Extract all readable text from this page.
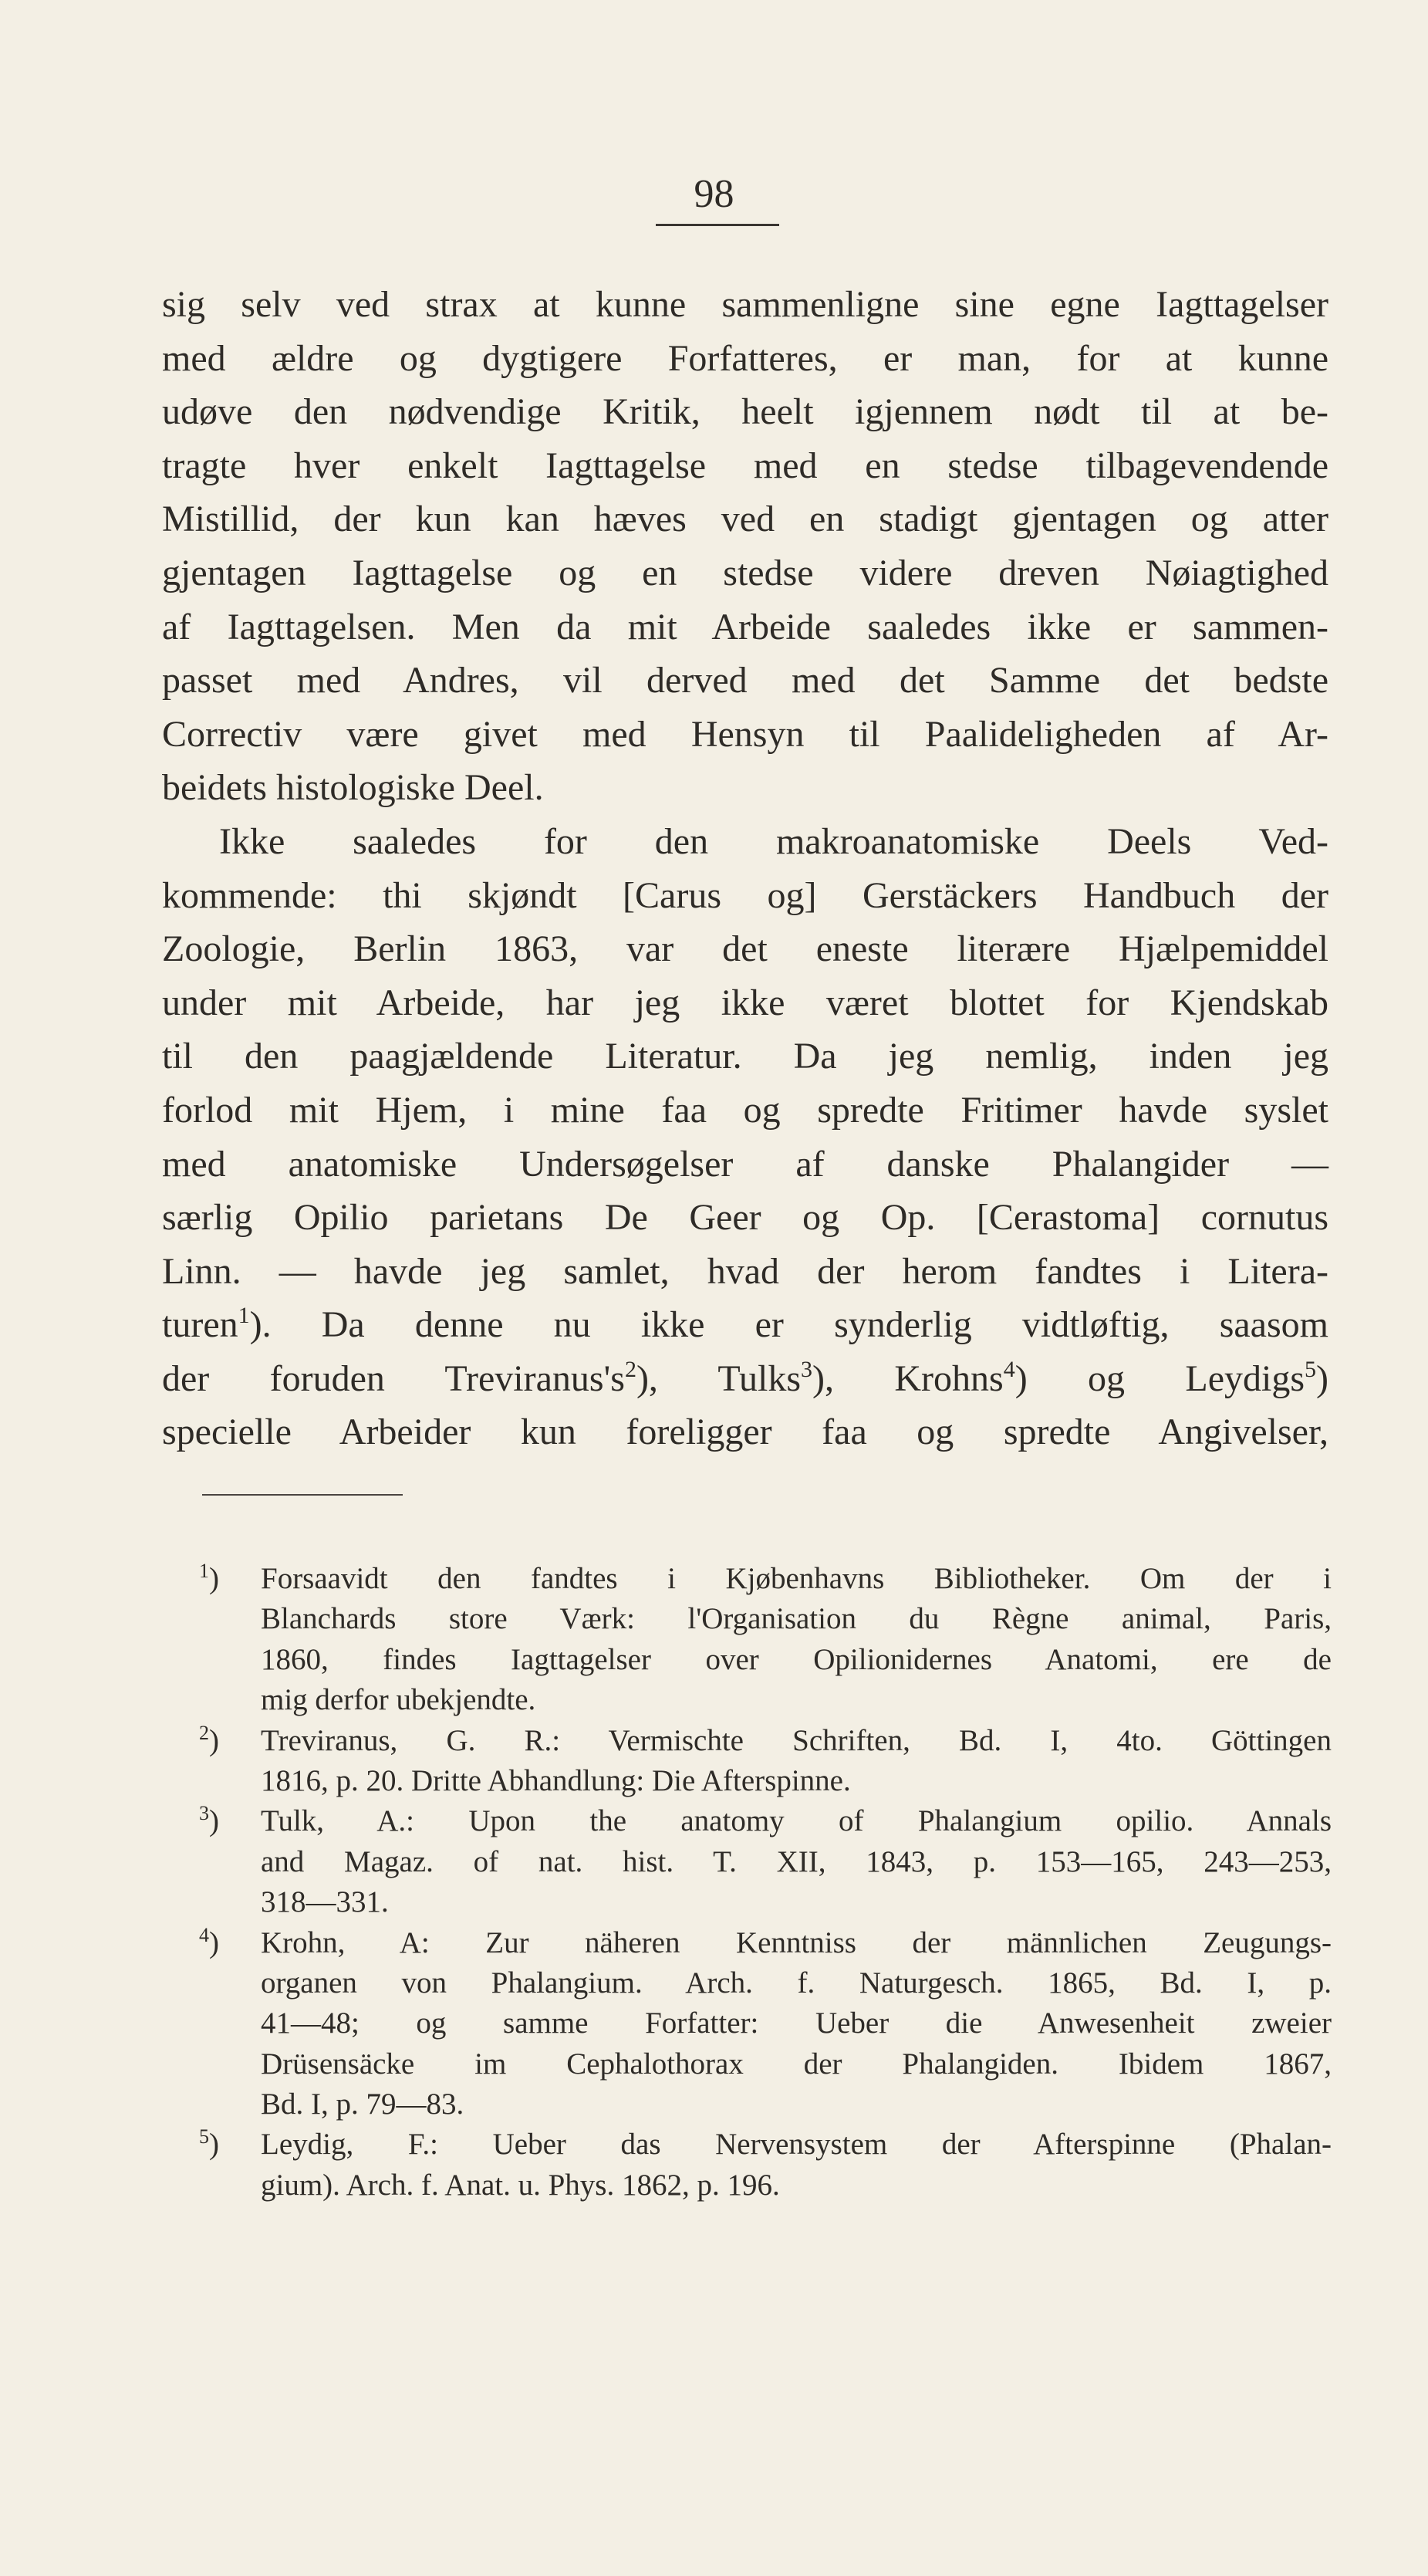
98
sig selv ved strax at kunne sammenligne sine egne Iagttagelser
med ældre og dygtigere Forfatteres, er man, for at kunne
udøve den nødvendige Kritik, heelt igjennem nødt til at be-
tragte hver enkelt Iagttagelse med en stedse tilbagevendende
Mistillid, der kun kan hæves ved en stadigt gjentagen og atter
gjentagen Iagttagelse og en stedse videre dreven Nøiagtighed
af Iagttagelsen. Men da mit Arbeide saaledes ikke er sammen-
passet med Andres, vil derved med det Samme det bedste
Correctiv være givet med Hensyn til Paalideligheden af Ar-
beidets histologiske Deel.
Ikke saaledes for den makroanatomiske Deels Ved-
kommende: thi skjøndt [Carus og] Gerstäckers Handbuch der
Zoologie, Berlin 1863, var det eneste literære Hjælpemiddel
under mit Arbeide, har jeg ikke været blottet for Kjendskab
til den paagjældende Literatur. Da jeg nemlig, inden jeg
forlod mit Hjem, i mine faa og spredte Fritimer havde syslet
med anatomiske Undersøgelser af danske Phalangider —
særlig Opilio parietans De Geer og Op. [Cerastoma] cornutus
Linn. — havde jeg samlet, hvad der herom fandtes i Litera-
turen$^1$). Da denne nu ikke er synderlig vidtløftig, saasom
der foruden Treviranus's$^2$), Tulks$^3$), Krohns$^4$) og Leydigs$^5$)
specielle Arbeider kun foreligger faa og spredte Angivelser,
$^1$) Forsaavidt den fandtes i Kjøbenhavns Bibliotheker. Om der i
Blanchards store Værk: l'Organisation du Règne animal, Paris,
1860, findes Iagttagelser over Opilionidernes Anatomi, ere de
mig derfor ubekjendte.
$^2$) Treviranus, G. R.: Vermischte Schriften, Bd. I, 4to. Göttingen
1816, p. 20. Dritte Abhandlung: Die Afterspinne.
$^3$) Tulk, A.: Upon the anatomy of Phalangium opilio. Annals
and Magaz. of nat. hist. T. XII, 1843, p. 153—165, 243—253,
318—331.
$^4$) Krohn, A: Zur näheren Kenntniss der männlichen Zeugungs-
organen von Phalangium. Arch. f. Naturgesch. 1865, Bd. I, p.
41—48; og samme Forfatter: Ueber die Anwesenheit zweier
Drüsensäcke im Cephalothorax der Phalangiden. Ibidem 1867,
Bd. I, p. 79—83.
$^5$) Leydig, F.: Ueber das Nervensystem der Afterspinne (Phalan-
gium). Arch. f. Anat. u. Phys. 1862, p. 196.
